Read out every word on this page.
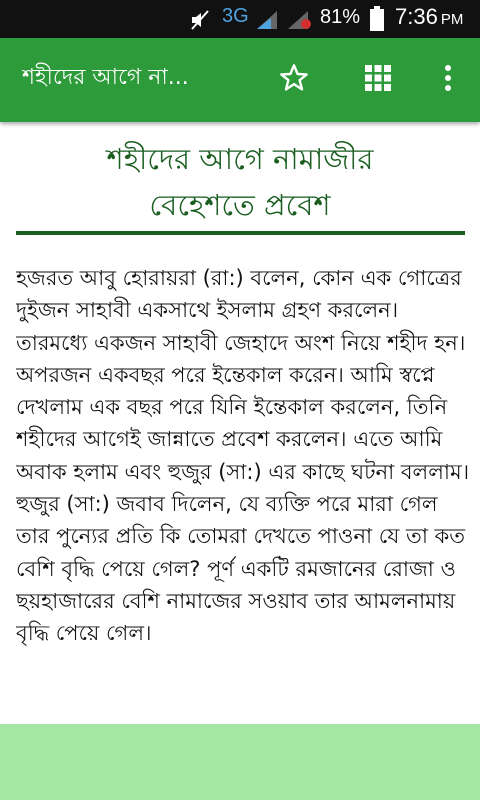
3G	81% 7:36 PM
শহীদের আগে না...
শহীদের আগে নামাজীর
বেহেশতে প্রবেশ
হজরত আবু হোরায়রা (রা:) বলেন, কোন এক গোত্রের দুইজন সাহাবী একসাথে ইসলাম গ্রহণ করলেন। তারমধ্যে একজন সাহাবী জেহাদে অংশ নিয়ে শহীদ হন। অপরজন একবছর পরে ইন্তেকাল করেন। আমি স্বপ্নে দেখলাম এক বছর পরে যিনি ইন্তেকাল করলেন, তিনি শহীদের আগেই জান্নাতে প্রবেশ করলেন। এতে আমি অবাক হলাম এবং হুজুর (সা:) এর কাছে ঘটনা বললাম। হুজুর (সা:) জবাব দিলেন, যে ব্যক্তি পরে মারা গেল তার পুন্যের প্রতি কি তোমরা দেখতে পাওনা যে তা কত বেশি বৃদ্ধি পেয়ে গেল? পূর্ণ একটি রমজানের রোজা ও ছয়হাজারের বেশি নামাজের সওয়াব তার আমলনামায় বৃদ্ধি পেয়ে গেল।
